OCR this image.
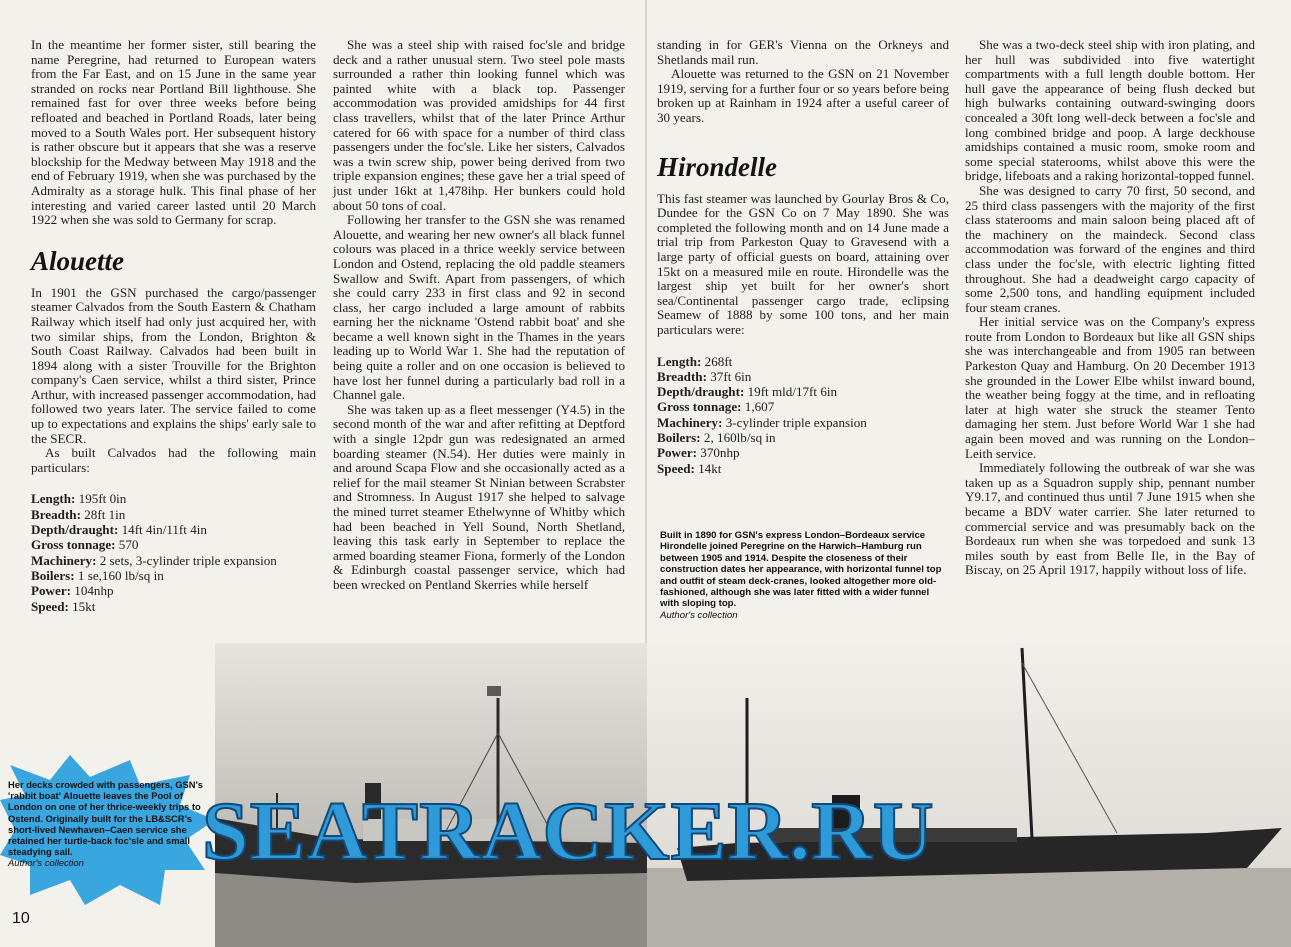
In the meantime her former sister, still bearing the name Peregrine, had returned to European waters from the Far East, and on 15 June in the same year stranded on rocks near Portland Bill lighthouse. She remained fast for over three weeks before being refloated and beached in Portland Roads, later being moved to a South Wales port. Her subsequent history is rather obscure but it appears that she was a reserve blockship for the Medway between May 1918 and the end of February 1919, when she was purchased by the Admiralty as a storage hulk. This final phase of her interesting and varied career lasted until 20 March 1922 when she was sold to Germany for scrap.

Alouette

In 1901 the GSN purchased the cargo/passenger steamer Calvados from the South Eastern & Chatham Railway which itself had only just acquired her, with two similar ships, from the London, Brighton & South Coast Railway. Calvados had been built in 1894 along with a sister Trouville for the Brighton company's Caen service, whilst a third sister, Prince Arthur, with increased passenger accommodation, had followed two years later. The service failed to come up to expectations and explains the ships' early sale to the SECR.

As built Calvados had the following main particulars:

Length: 195ft 0in
Breadth: 28ft 1in
Depth/draught: 14ft 4in/11ft 4in
Gross tonnage: 570
Machinery: 2 sets, 3-cylinder triple expansion
Boilers: 1 se,160 lb/sq in
Power: 104nhp
Speed: 15kt

She was a steel ship with raised foc'sle and bridge deck and a rather unusual stern. Two steel pole masts surrounded a rather thin looking funnel which was painted white with a black top. Passenger accommodation was provided amidships for 44 first class travellers, whilst that of the later Prince Arthur catered for 66 with space for a number of third class passengers under the foc'sle. Like her sisters, Calvados was a twin screw ship, power being derived from two triple expansion engines; these gave her a trial speed of just under 16kt at 1,478ihp. Her bunkers could hold about 50 tons of coal.

Following her transfer to the GSN she was renamed Alouette, and wearing her new owner's all black funnel colours was placed in a thrice weekly service between London and Ostend, replacing the old paddle steamers Swallow and Swift. Apart from passengers, of which she could carry 233 in first class and 92 in second class, her cargo included a large amount of rabbits earning her the nickname 'Ostend rabbit boat' and she became a well known sight in the Thames in the years leading up to World War 1. She had the reputation of being quite a roller and on one occasion is believed to have lost her funnel during a particularly bad roll in a Channel gale.

She was taken up as a fleet messenger (Y4.5) in the second month of the war and after refitting at Deptford with a single 12pdr gun was redesignated an armed boarding steamer (N.54). Her duties were mainly in and around Scapa Flow and she occasionally acted as a relief for the mail steamer St Ninian between Scrabster and Stromness. In August 1917 she helped to salvage the mined turret steamer Ethelwynne of Whitby which had been beached in Yell Sound, North Shetland, leaving this task early in September to replace the armed boarding steamer Fiona, formerly of the London & Edinburgh coastal passenger service, which had been wrecked on Pentland Skerries while herself

standing in for GER's Vienna on the Orkneys and Shetlands mail run.

Alouette was returned to the GSN on 21 November 1919, serving for a further four or so years before being broken up at Rainham in 1924 after a useful career of 30 years.

Hirondelle

This fast steamer was launched by Gourlay Bros & Co, Dundee for the GSN Co on 7 May 1890. She was completed the following month and on 14 June made a trial trip from Parkeston Quay to Gravesend with a large party of official guests on board, attaining over 15kt on a measured mile en route. Hirondelle was the largest ship yet built for her owner's short sea/Continental passenger cargo trade, eclipsing Seamew of 1888 by some 100 tons, and her main particulars were:

Length: 268ft
Breadth: 37ft 6in
Depth/draught: 19ft mld/17ft 6in
Gross tonnage: 1,607
Machinery: 3-cylinder triple expansion
Boilers: 2, 160lb/sq in
Power: 370nhp
Speed: 14kt
Built in 1890 for GSN's express London–Bordeaux service Hirondelle joined Peregrine on the Harwich–Hamburg run between 1905 and 1914. Despite the closeness of their construction dates her appearance, with horizontal funnel top and outfit of steam deck-cranes, looked altogether more old-fashioned, although she was later fitted with a wider funnel with sloping top.
Author's collection

She was a two-deck steel ship with iron plating, and her hull was subdivided into five watertight compartments with a full length double bottom. Her hull gave the appearance of being flush decked but high bulwarks containing outward-swinging doors concealed a 30ft long well-deck between a foc'sle and long combined bridge and poop. A large deckhouse amidships contained a music room, smoke room and some special staterooms, whilst above this were the bridge, lifeboats and a raking horizontal-topped funnel.

She was designed to carry 70 first, 50 second, and 25 third class passengers with the majority of the first class staterooms and main saloon being placed aft of the machinery on the maindeck. Second class accommodation was forward of the engines and third class under the foc'sle, with electric lighting fitted throughout. She had a deadweight cargo capacity of some 2,500 tons, and handling equipment included four steam cranes.

Her initial service was on the Company's express route from London to Bordeaux but like all GSN ships she was interchangeable and from 1905 ran between Parkeston Quay and Hamburg. On 20 December 1913 she grounded in the Lower Elbe whilst inward bound, the weather being foggy at the time, and in refloating later at high water she struck the steamer Tento damaging her stem. Just before World War 1 she had again been moved and was running on the London–Leith service.

Immediately following the outbreak of war she was taken up as a Squadron supply ship, pennant number Y9.17, and continued thus until 7 June 1915 when she became a BDV water carrier. She later returned to commercial service and was presumably back on the Bordeaux run when she was torpedoed and sunk 13 miles south by east from Belle Ile, in the Bay of Biscay, on 25 April 1917, happily without loss of life.

Her decks crowded with passengers, GSN's 'rabbit boat' Alouette leaves the Pool of London on one of her thrice-weekly trips to Ostend. Originally built for the LB&SCR's short-lived Newhaven–Caen service she retained her turtle-back foc'sle and small steadying sail.
Author's collection	SEATRACKER.RU
10
